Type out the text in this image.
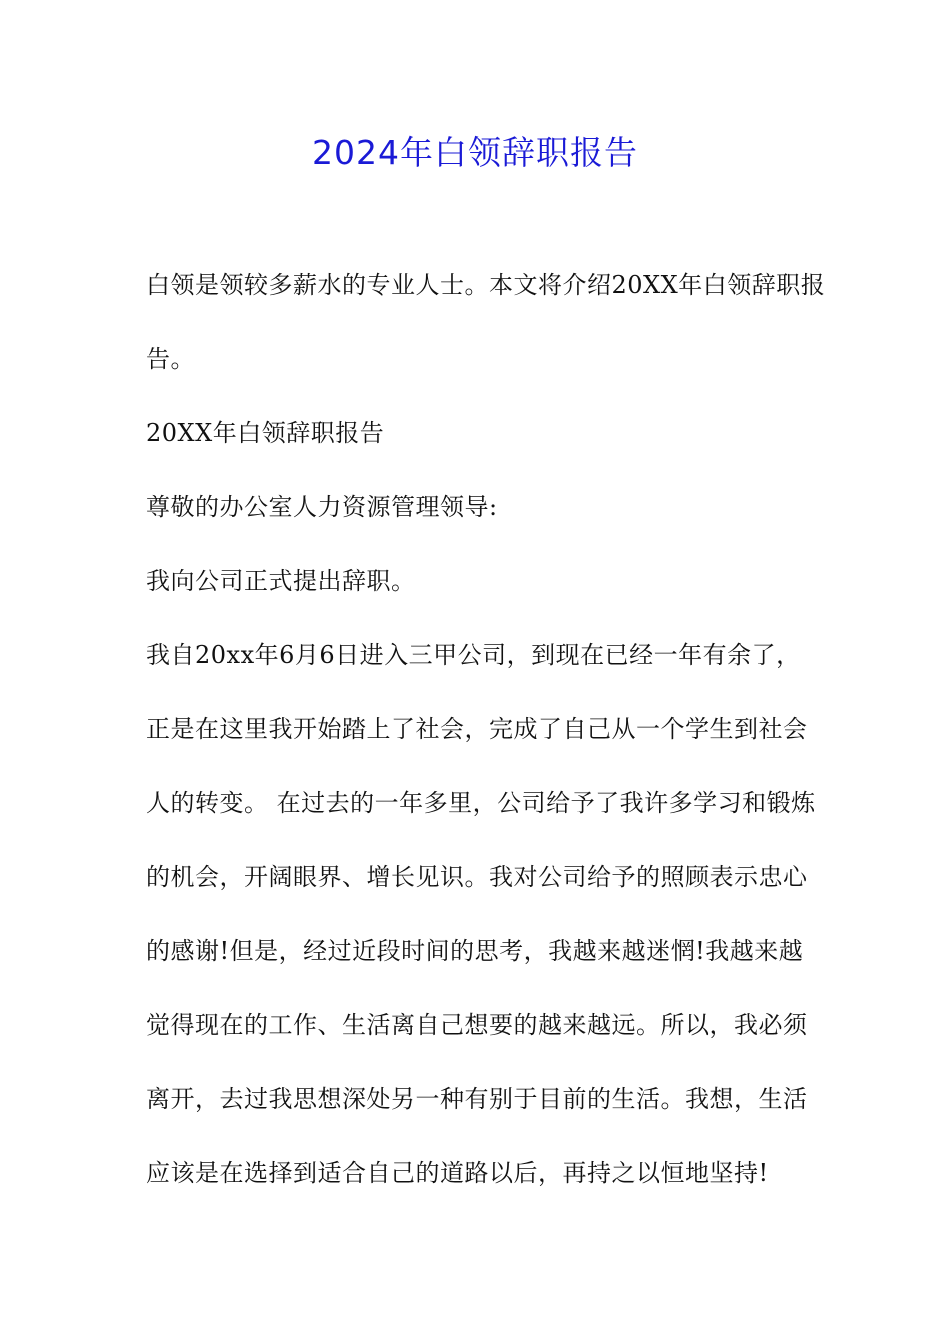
2024年白领辞职报告

白领是领较多薪水的专业人士。本文将介绍20XX年白领辞职报

告。

20XX年白领辞职报告

尊敬的办公室人力资源管理领导:

我向公司正式提出辞职。

我自20xx年6月6日进入三甲公司，到现在已经一年有余了，

正是在这里我开始踏上了社会，完成了自己从一个学生到社会

人的转变。 在过去的一年多里，公司给予了我许多学习和锻炼

的机会，开阔眼界、增长见识。我对公司给予的照顾表示忠心

的感谢!但是，经过近段时间的思考，我越来越迷惘!我越来越

觉得现在的工作、生活离自己想要的越来越远。所以，我必须

离开，去过我思想深处另一种有别于目前的生活。我想，生活

应该是在选择到适合自己的道路以后，再持之以恒地坚持!
